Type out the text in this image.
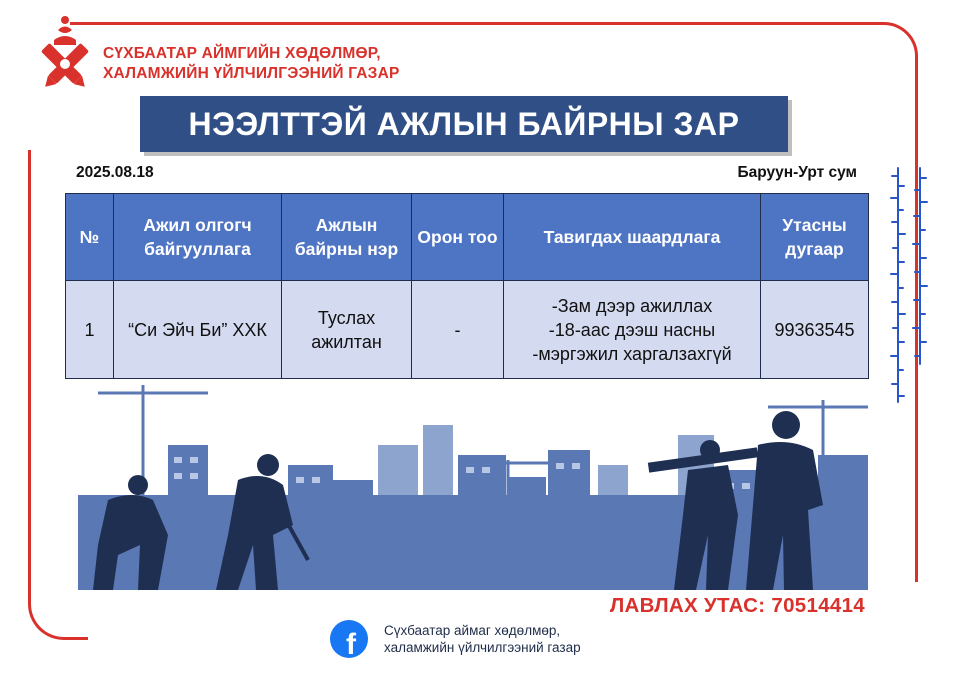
СҮХБААТАР АЙМГИЙН ХӨДӨЛМӨР,
ХАЛАМЖИЙН ҮЙЛЧИЛГЭЭНИЙ ГАЗАР
НЭЭЛТТЭЙ АЖЛЫН БАЙРНЫ ЗАР
2025.08.18	Баруун-Урт сум
№	Ажил олгогч байгууллага	Ажлын байрны нэр	Орон тоо	Тавигдах шаардлага	Утасны дугаар
1	“Си Эйч Би” ХХК	Туслах ажилтан	-	-Зам дээр ажиллах
-18-аас дээш насны
-мэргэжил харгалзахгүй	99363545
ЛАВЛАХ УТАС: 70514414
f Сүхбаатар аймаг хөдөлмөр,
халамжийн үйлчилгээний газар
